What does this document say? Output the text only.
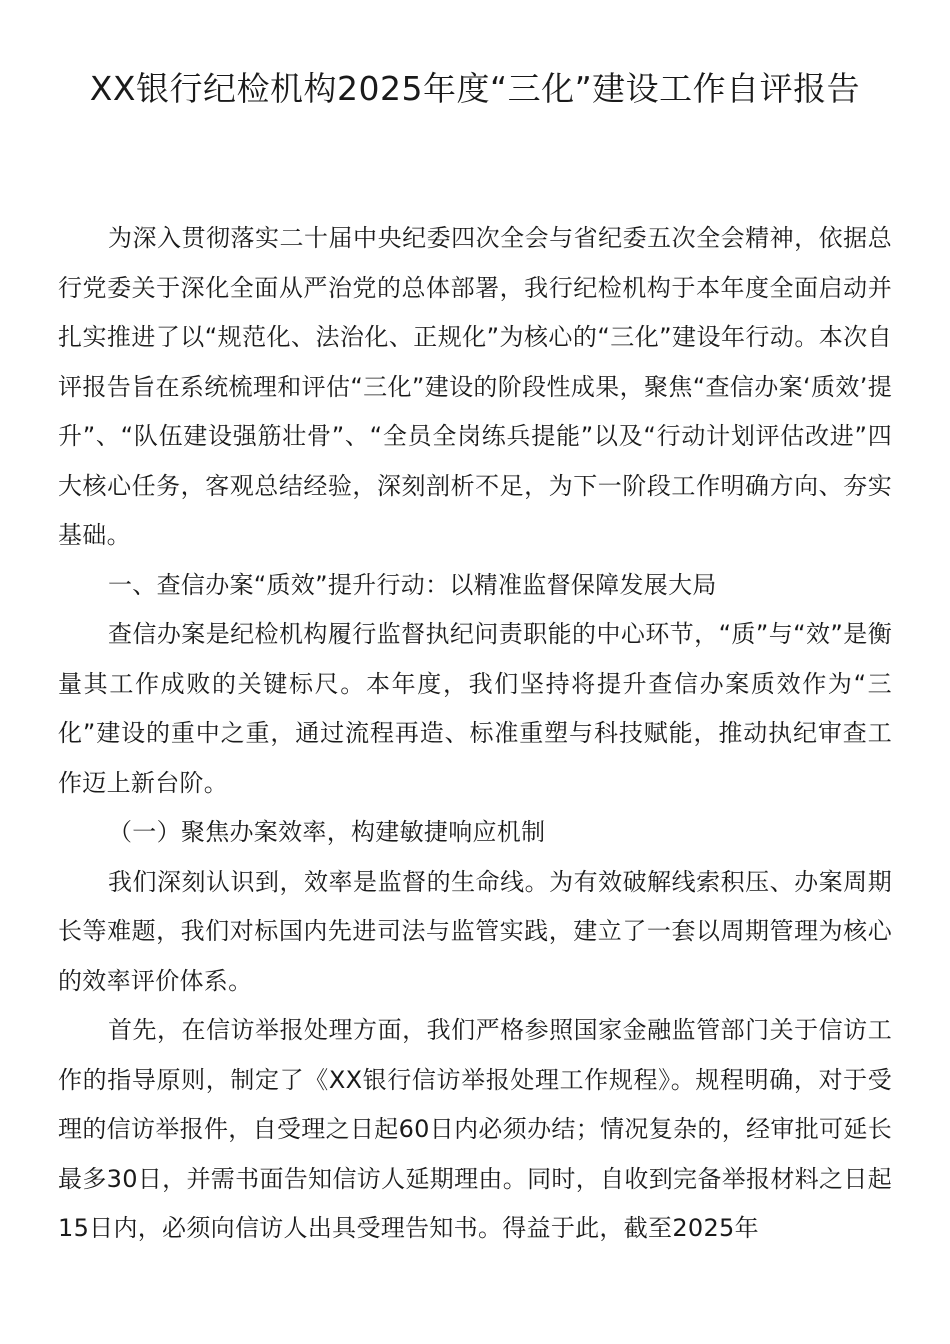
XX银行纪检机构2025年度“三化”建设工作自评报告

为深入贯彻落实二十届中央纪委四次全会与省纪委五次全会精神，依据总行党委关于深化全面从严治党的总体部署，我行纪检机构于本年度全面启动并扎实推进了以“规范化、法治化、正规化”为核心的“三化”建设年行动。本次自评报告旨在系统梳理和评估“三化”建设的阶段性成果，聚焦“查信办案‘质效’提升”、“队伍建设强筋壮骨”、“全员全岗练兵提能”以及“行动计划评估改进”四大核心任务，客观总结经验，深刻剖析不足，为下一阶段工作明确方向、夯实基础。

一、查信办案“质效”提升行动：以精准监督保障发展大局

查信办案是纪检机构履行监督执纪问责职能的中心环节，“质”与“效”是衡量其工作成败的关键标尺。本年度，我们坚持将提升查信办案质效作为“三化”建设的重中之重，通过流程再造、标准重塑与科技赋能，推动执纪审查工作迈上新台阶。

（一）聚焦办案效率，构建敏捷响应机制

我们深刻认识到，效率是监督的生命线。为有效破解线索积压、办案周期长等难题，我们对标国内先进司法与监管实践，建立了一套以周期管理为核心的效率评价体系。

首先，在信访举报处理方面，我们严格参照国家金融监管部门关于信访工作的指导原则，制定了《XX银行信访举报处理工作规程》。规程明确，对于受理的信访举报件，自受理之日起60日内必须办结；情况复杂的，经审批可延长最多30日，并需书面告知信访人延期理由。同时，自收到完备举报材料之日起15日内，必须向信访人出具受理告知书。得益于此，截至2025年
